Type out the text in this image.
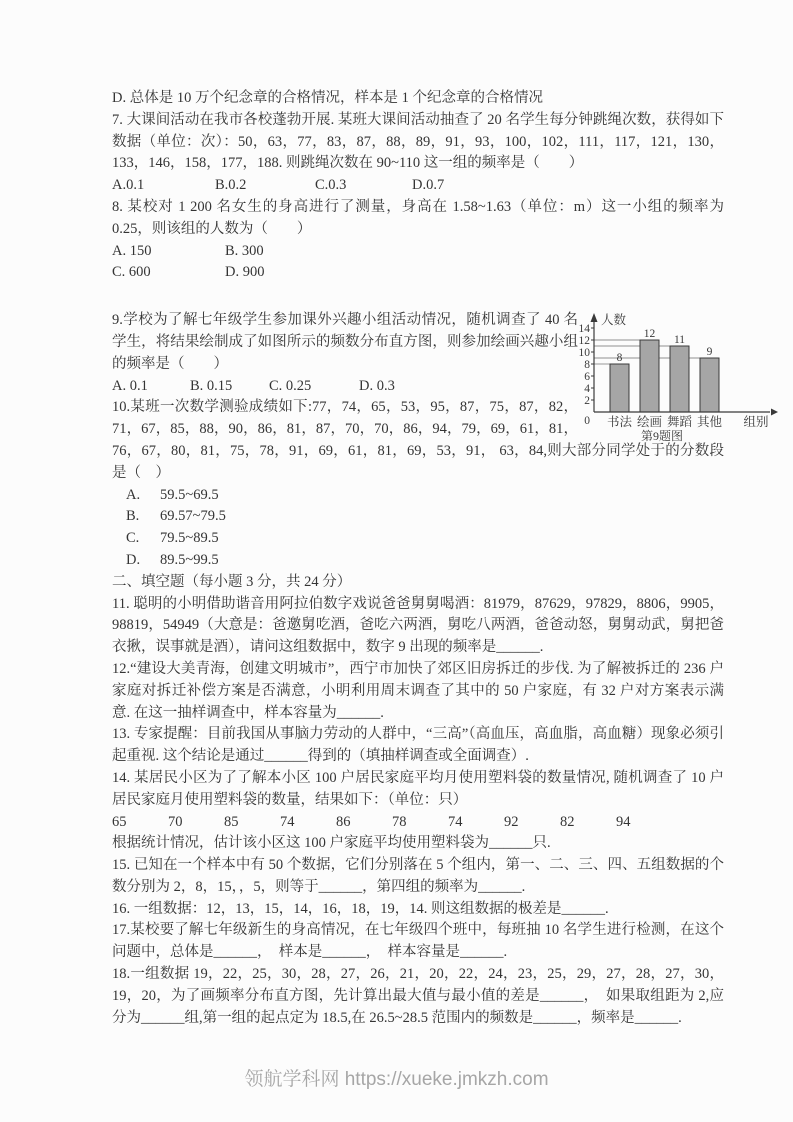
D. 总体是 10 万个纪念章的合格情况，样本是 1 个纪念章的合格情况

7. 大课间活动在我市各校蓬勃开展. 某班大课间活动抽查了 20 名学生每分钟跳绳次数，获得如下数据（单位：次）：50，63，77，83，87，88，89，91，93，100，102，111，117，121，130，133，146，158，177，188. 则跳绳次数在 90~110 这一组的频率是（　　）

A.0.1	B.0.2	C.0.3	D.0.7

8. 某校对 1 200 名女生的身高进行了测量，身高在 1.58~1.63（单位：m）这一小组的频率为 0.25，则该组的人数为（　　）

A. 150	B. 300
C. 600	D. 900
8
12 11
9
0
2
4
6
8
10
12
14
书法 绘画 舞蹈 其他
人数
组别
第9题图

9.学校为了解七年级学生参加课外兴趣小组活动情况，随机调查了 40 名学生，将结果绘制成了如图所示的频数分布直方图，则参加绘画兴趣小组的频率是（　　）

A. 0.1	B. 0.15	C. 0.25	D. 0.3

10.某班一次数学测验成绩如下:77，74，65，53，95，87，75，87，82，71，67，85，88，90，86，81，87，70，70，86，94，79，69，61，81，76，67，80，81，75，78，91，69，61，81，69，53，91， 63，84,则大部分同学处于的分数段是（　）

A. 59.5~69.5
B. 69.57~79.5
C. 79.5~89.5
D. 89.5~99.5

二、填空题（每小题 3 分，共 24 分）

11. 聪明的小明借助谐音用阿拉伯数字戏说爸爸舅舅喝酒：81979，87629，97829，8806，9905，98819，54949（大意是：爸邀舅吃酒，爸吃六两酒，舅吃八两酒，爸爸动怒，舅舅动武，舅把爸衣揪，误事就是酒），请问这组数据中，数字 9 出现的频率是______.

12.“建设大美青海，创建文明城市”，西宁市加快了郊区旧房拆迁的步伐. 为了解被拆迁的 236 户家庭对拆迁补偿方案是否满意，小明利用周末调查了其中的 50 户家庭，有 32 户对方案表示满意. 在这一抽样调查中，样本容量为______.

13. 专家提醒：目前我国从事脑力劳动的人群中，“三高”（高血压，高血脂，高血糖）现象必须引起重视. 这个结论是通过______得到的（填抽样调查或全面调查）.

14. 某居民小区为了了解本小区 100 户居民家庭平均月使用塑料袋的数量情况, 随机调查了 10 户居民家庭月使用塑料袋的数量，结果如下：（单位：只）

65	70	85	74	86	78	74	92	82	94

根据统计情况，估计该小区这 100 户家庭平均使用塑料袋为______只.

15. 已知在一个样本中有 50 个数据，它们分别落在 5 个组内，第一、二、三、四、五组数据的个数分别为 2，8，15，，5，则等于______，第四组的频率为______.

16. 一组数据：12，13，15，14，16，18，19，14. 则这组数据的极差是______.

17.某校要了解七年级新生的身高情况，在七年级四个班中，每班抽 10 名学生进行检测，在这个问题中，总体是______，　样本是______，　样本容量是______.

18.一组数据 19，22，25，30，28，27，26，21，20，22，24，23，25，29，27，28，27，30，19，20，为了画频率分布直方图，先计算出最大值与最小值的差是______，　如果取组距为 2,应分为______组,第一组的起点定为 18.5,在 26.5~28.5 范围内的频数是______，频率是______.

领航学科网 https://xueke.jmkzh.com
